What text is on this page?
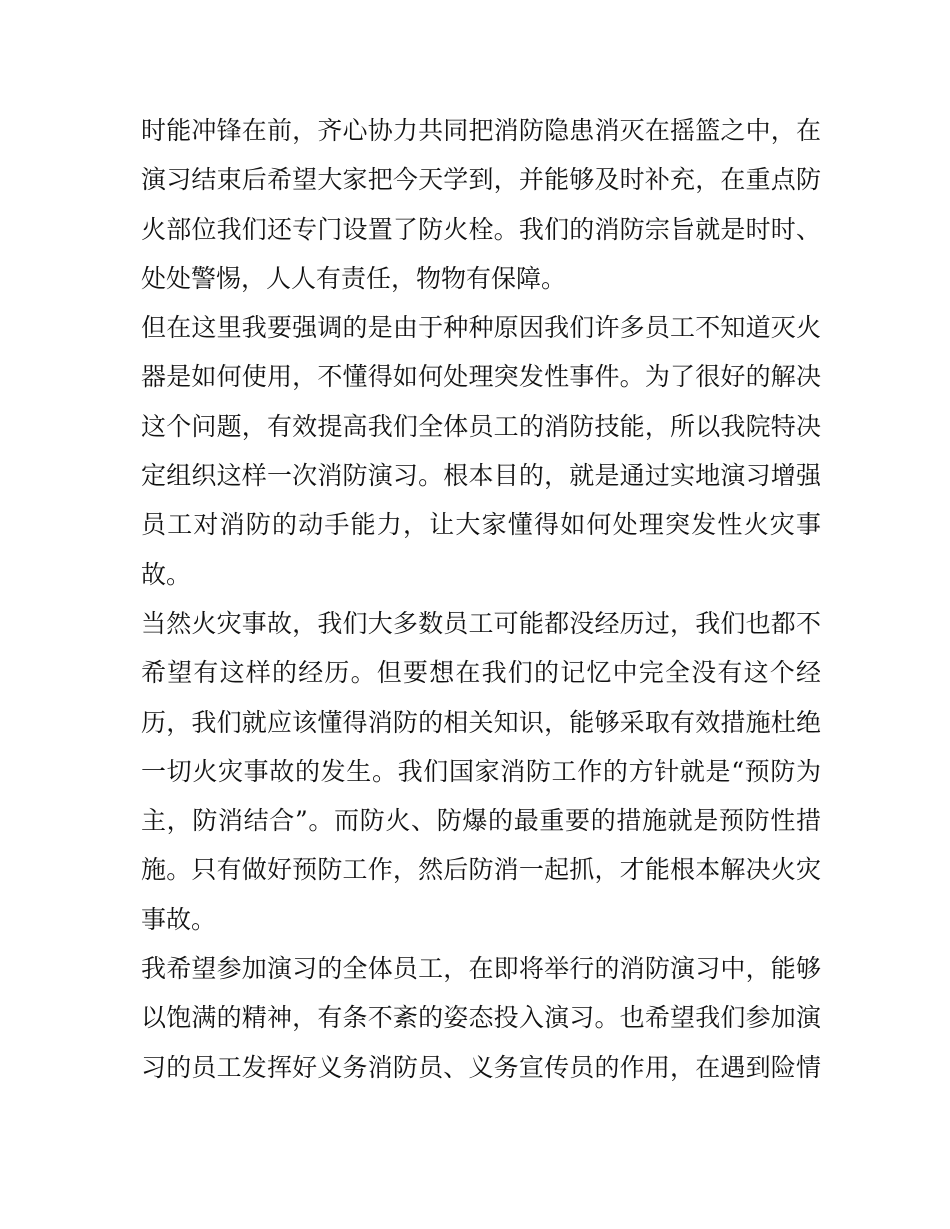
时能冲锋在前，齐心协力共同把消防隐患消灭在摇篮之中，在
演习结束后希望大家把今天学到，并能够及时补充，在重点防
火部位我们还专门设置了防火栓。我们的消防宗旨就是时时、
处处警惕，人人有责任，物物有保障。
但在这里我要强调的是由于种种原因我们许多员工不知道灭火
器是如何使用，不懂得如何处理突发性事件。为了很好的解决
这个问题，有效提高我们全体员工的消防技能，所以我院特决
定组织这样一次消防演习。根本目的，就是通过实地演习增强
员工对消防的动手能力，让大家懂得如何处理突发性火灾事
故。
当然火灾事故，我们大多数员工可能都没经历过，我们也都不
希望有这样的经历。但要想在我们的记忆中完全没有这个经
历，我们就应该懂得消防的相关知识，能够采取有效措施杜绝
一切火灾事故的发生。我们国家消防工作的方针就是“预防为
主，防消结合”。而防火、防爆的最重要的措施就是预防性措
施。只有做好预防工作，然后防消一起抓，才能根本解决火灾
事故。
我希望参加演习的全体员工，在即将举行的消防演习中，能够
以饱满的精神，有条不紊的姿态投入演习。也希望我们参加演
习的员工发挥好义务消防员、义务宣传员的作用，在遇到险情
